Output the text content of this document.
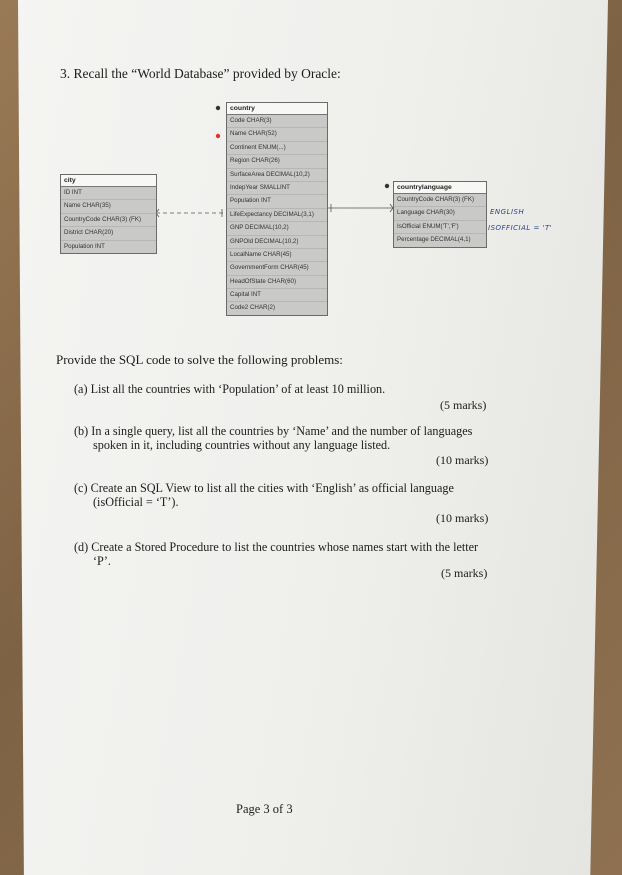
3. Recall the “World Database” provided by Oracle:
country
Code CHAR(3)
Name CHAR(52)
Continent ENUM(...)
Region CHAR(26)
SurfaceArea DECIMAL(10,2)
IndepYear SMALLINT
Population INT
LifeExpectancy DECIMAL(3,1)
GNP DECIMAL(10,2)
GNPOld DECIMAL(10,2)
LocalName CHAR(45)
GovernmentForm CHAR(45)
HeadOfState CHAR(60)
Capital INT
Code2 CHAR(2)
city
ID INT
Name CHAR(35)
CountryCode CHAR(3) (FK)
District CHAR(20)
Population INT
countrylanguage
CountryCode CHAR(3) (FK)
Language CHAR(30)
IsOfficial ENUM('T','F')
Percentage DECIMAL(4,1)
ENGLISH
ISOFFICIAL = 'T'
Provide the SQL code to solve the following problems:
(a) List all the countries with ‘Population’ of at least 10 million.
(5 marks)
(b) In a single query, list all the countries by ‘Name’ and the number of languages
spoken in it, including countries without any language listed.
(10 marks)
(c) Create an SQL View to list all the cities with ‘English’ as official language
(isOfficial = ‘T’).
(10 marks)
(d) Create a Stored Procedure to list the countries whose names start with the letter
‘P’.
(5 marks)
Page 3 of 3
